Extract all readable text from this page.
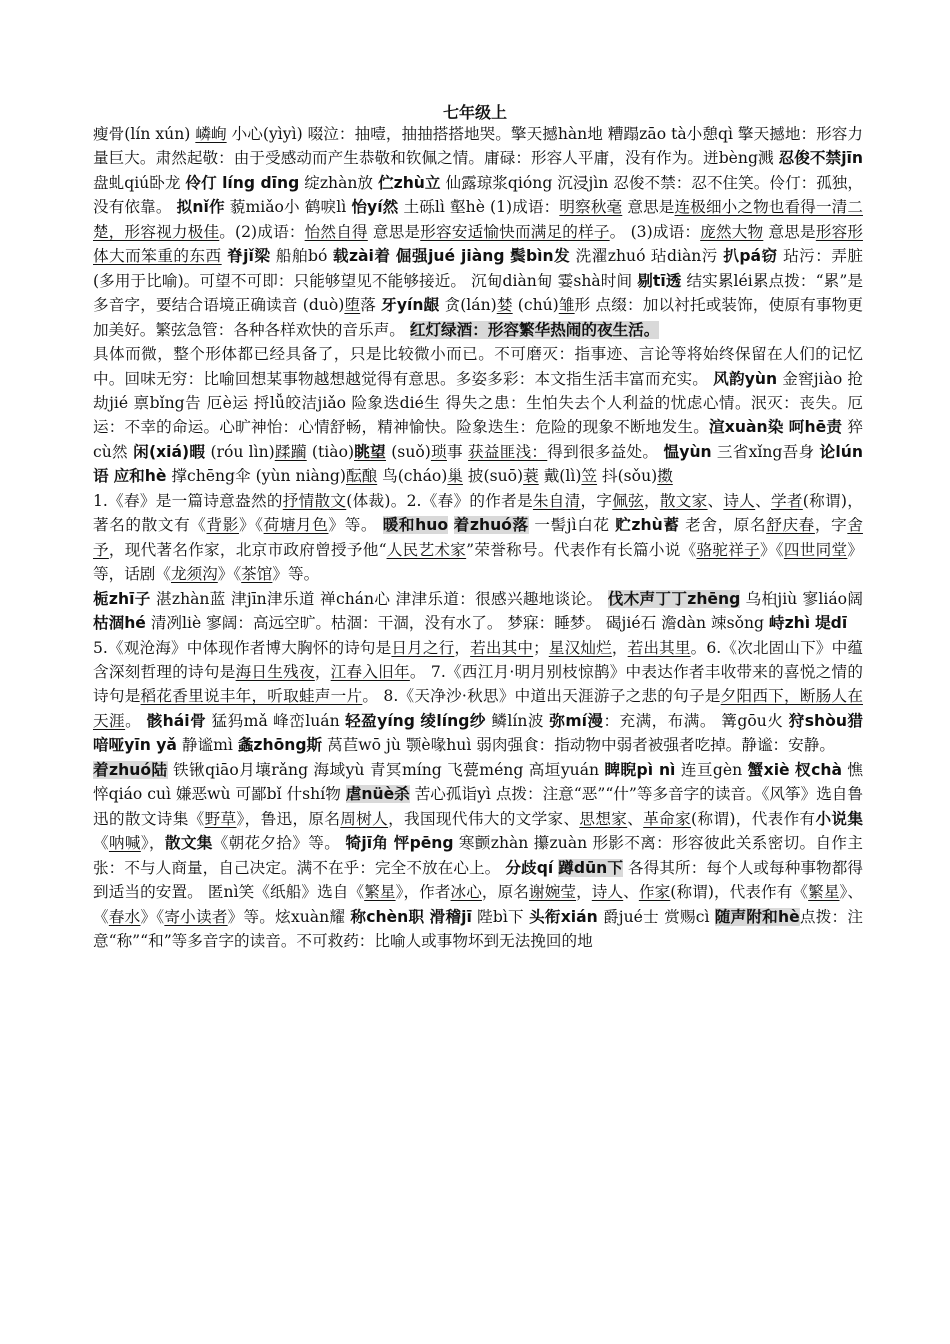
七年级上

瘦骨(lín xún) 嶙峋 小心(yìyì) 啜泣：抽噎，抽抽搭搭地哭。擎天撼hàn地 糟蹋zāo tà小憩qì 擎天撼地：形容力量巨大。肃然起敬：由于受感动而产生恭敬和钦佩之情。庸碌：形容人平庸，没有作为。迸bèng溅 忍俊不禁jīn 盘虬qiú卧龙 伶仃 líng dīng 绽zhàn放 伫zhù立 仙露琼浆qióng 沉浸jìn 忍俊不禁：忍不住笑。伶仃：孤独，没有依靠。 拟nǐ作 藐miǎo小 鹤唳lì 怡yí然 土砾lì 壑hè (1)成语：明察秋毫 意思是连极细小之物也看得一清二楚，形容视力极佳。(2)成语：怡然自得 意思是形容安适愉快而满足的样子。 (3)成语：庞然大物 意思是形容形体大而笨重的东西 脊jǐ梁 船舶bó 载zài着 倔强jué jiàng 鬓bìn发 洗濯zhuó 玷diàn污 扒pá窃 玷污：弄脏(多用于比喻)。可望不可即：只能够望见不能够接近。 沉甸diàn甸 霎shà时间 剔tī透 结实累léi累点拨：“累”是多音字，要结合语境正确读音 (duò)堕落 牙yín龈 贪(lán)婪 (chú)雏形 点缀：加以衬托或装饰，使原有事物更加美好。繁弦急管：各种各样欢快的音乐声。 红灯绿酒：形容繁华热闹的夜生活。

具体而微，整个形体都已经具备了，只是比较微小而已。不可磨灭：指事迹、言论等将始终保留在人们的记忆中。回味无穷：比喻回想某事物越想越觉得有意思。多姿多彩：本文指生活丰富而充实。 风韵yùn 金窖jiào 抢劫jié 禀bǐng告 厄è运 捋lǚ皎洁jiǎo 险象迭dié生 得失之患：生怕失去个人利益的忧虑心情。泯灭：丧失。厄运：不幸的命运。心旷神怡：心情舒畅，精神愉快。险象迭生：危险的现象不断地发生。渲xuàn染 呵hē责 猝cù然 闲(xiá)暇 (róu lìn)蹂躏 (tiào)眺望 (suǒ)琐事 获益匪浅：得到很多益处。 愠yùn 三省xǐng吾身 论lún语 应和hè 撑chēng伞 (yùn niàng)酝酿 鸟(cháo)巢 披(suō)蓑 戴(lì)笠 抖(sǒu)擞

1.《春》是一篇诗意盎然的抒情散文(体裁)。2.《春》的作者是朱自清，字佩弦，散文家、诗人、学者(称谓)，著名的散文有《背影》《荷塘月色》等。 暖和huo 着zhuó落 一髻jì白花 贮zhù蓄 老舍，原名舒庆春，字舍予，现代著名作家，北京市政府曾授予他“人民艺术家”荣誉称号。代表作有长篇小说《骆驼祥子》《四世同堂》等，话剧《龙须沟》《茶馆》等。

栀zhī子 湛zhàn蓝 津jīn津乐道 禅chán心 津津乐道：很感兴趣地谈论。 伐木声丁丁zhēng 乌桕jiù 寥liáo阔 枯涸hé 清冽liè 寥阔：高远空旷。枯涸：干涸，没有水了。 梦寐：睡梦。 碣jié石 澹dàn 竦sǒng 峙zhì 堤dī

5.《观沧海》中体现作者博大胸怀的诗句是日月之行，若出其中；星汉灿烂，若出其里。6.《次北固山下》中蕴含深刻哲理的诗句是海日生残夜，江春入旧年。 7.《西江月·明月别枝惊鹊》中表达作者丰收带来的喜悦之情的诗句是稻花香里说丰年，听取蛙声一片。 8.《天净沙·秋思》中道出天涯游子之悲的句子是夕阳西下，断肠人在天涯。 骸hái骨 猛犸mǎ 峰峦luán 轻盈yíng 绫líng纱 鳞lín波 弥mí漫：充满，布满。 篝gōu火 狩shòu猎 喑哑yīn yǎ 静谧mì 螽zhōng斯 莴苣wō jù 颚è喙huì 弱肉强食：指动物中弱者被强者吃掉。静谧：安静。

着zhuó陆 铁锹qiāo月壤rǎng 海域yù 青冥míng 飞甍méng 高垣yuán 睥睨pì nì 连亘gèn 蟹xiè 杈chà 憔悴qiáo cuì 嫌恶wù 可鄙bǐ 什shí物 虐nüè杀 苦心孤诣yì 点拨：注意“恶”“什”等多音字的读音。《风筝》选自鲁迅的散文诗集《野草》，鲁迅，原名周树人，我国现代伟大的文学家、思想家、革命家(称谓)，代表作有小说集《呐喊》，散文集《朝花夕拾》等。 犄jī角 怦pēng 寒颤zhàn 攥zuàn 形影不离：形容彼此关系密切。自作主张：不与人商量，自己决定。满不在乎：完全不放在心上。 分歧qí 蹲dūn下 各得其所：每个人或每种事物都得到适当的安置。 匿nì笑《纸船》选自《繁星》，作者冰心，原名谢婉莹，诗人、作家(称谓)，代表作有《繁星》、《春水》《寄小读者》等。炫xuàn耀 称chèn职 滑稽jī 陛bì下 头衔xián 爵jué士 赏赐cì 随声附和hè点拨：注意“称”“和”等多音字的读音。不可救药：比喻人或事物坏到无法挽回的地
